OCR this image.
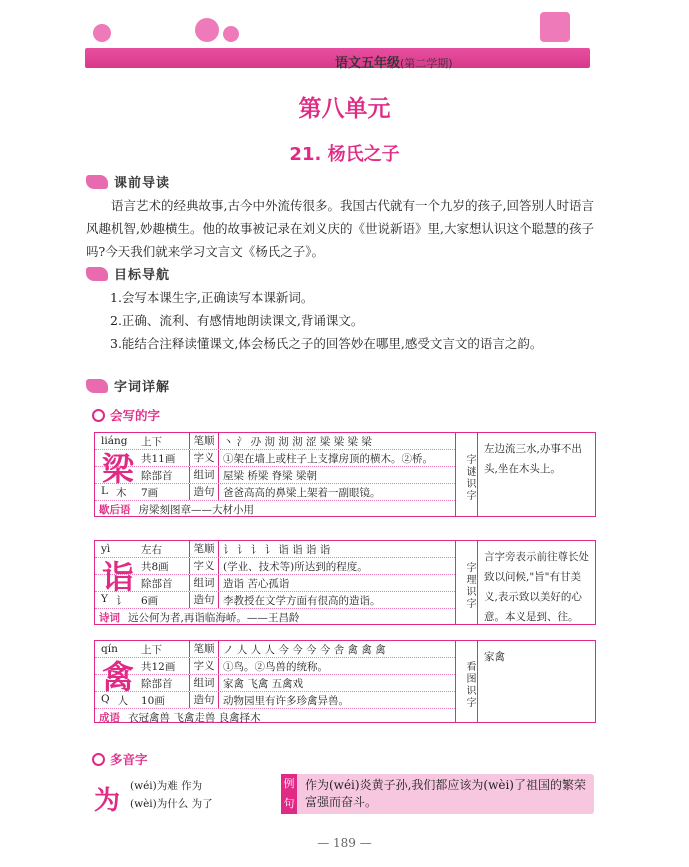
语文五年级(第二学期)
第八单元
21. 杨氏之子
课前导读
语言艺术的经典故事,古今中外流传很多。我国古代就有一个九岁的孩子,回答别人时语言风趣机智,妙趣横生。他的故事被记录在刘义庆的《世说新语》里,大家想认识这个聪慧的孩子吗?今天我们就来学习文言文《杨氏之子》。
目标导航
1.会写本课生字,正确读写本课新词。
2.正确、流利、有感情地朗读课文,背诵课文。
3.能结合注释读懂课文,体会杨氏之子的回答妙在哪里,感受文言文的语言之韵。
字词详解
会写的字
梁
liáng	上下	笔顺 丶 氵 刅 沏 沏 沏 涩 梁 梁 梁 梁
共11画	字义 ①架在墙上或柱子上支撑房顶的横木。②桥。
除部首	组词 屋梁 桥梁 脊梁 梁朝
L 木 7画	造句 爸爸高高的鼻梁上架着一副眼镜。
歇后语 房梁刻图章——大材小用
字谜识字
左边流三水,办事不出头,坐在木头上。
诣
yì	左右	笔顺 讠 讠 讠 讠 诣 诣 诣 诣
共8画	字义 (学业、技术等)所达到的程度。
除部首	组词 造诣 苦心孤诣
Y 讠 6画	造句 李教授在文学方面有很高的造诣。
诗词 远公何为者,再诣临海峤。——王昌龄
字理识字
言字旁表示前往尊长处致以问候,"旨"有甘美义,表示致以美好的心意。本义是到、往。
禽
qín	上下	笔顺 ノ 人 人 人 今 今 今 今 舎 禽 禽 禽
共12画	字义 ①鸟。②鸟兽的统称。
除部首	组词 家禽 飞禽 五禽戏
Q 人 10画	造句 动物园里有许多珍禽异兽。
成语 衣冠禽兽 飞禽走兽 良禽择木
看图识字
家禽
多音字
为 (wéi)为难 作为
(wèi)为什么 为了
例句
作为(wéi)炎黄子孙,我们都应该为(wèi)了祖国的繁荣富强而奋斗。
— 189 —
